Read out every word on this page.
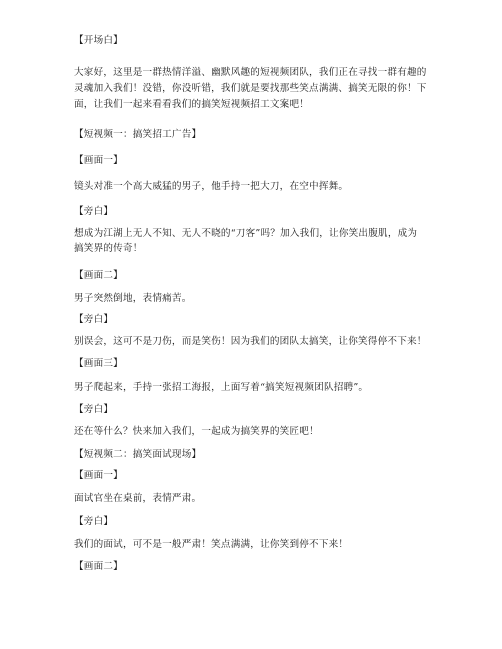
【开场白】
大家好，这里是一群热情洋溢、幽默风趣的短视频团队，我们正在寻找一群有趣的
灵魂加入我们！没错，你没听错，我们就是要找那些笑点满满、搞笑无限的你！下
面，让我们一起来看看我们的搞笑短视频招工文案吧！
【短视频一：搞笑招工广告】
【画面一】
镜头对准一个高大威猛的男子，他手持一把大刀，在空中挥舞。
【旁白】
想成为江湖上无人不知、无人不晓的“刀客”吗？加入我们，让你笑出腹肌，成为
搞笑界的传奇！
【画面二】
男子突然倒地，表情痛苦。
【旁白】
别误会，这可不是刀伤，而是笑伤！因为我们的团队太搞笑，让你笑得停不下来！
【画面三】
男子爬起来，手持一张招工海报，上面写着“搞笑短视频团队招聘”。
【旁白】
还在等什么？快来加入我们，一起成为搞笑界的笑匠吧！
【短视频二：搞笑面试现场】
【画面一】
面试官坐在桌前，表情严肃。
【旁白】
我们的面试，可不是一般严肃！笑点满满，让你笑到停不下来！
【画面二】
